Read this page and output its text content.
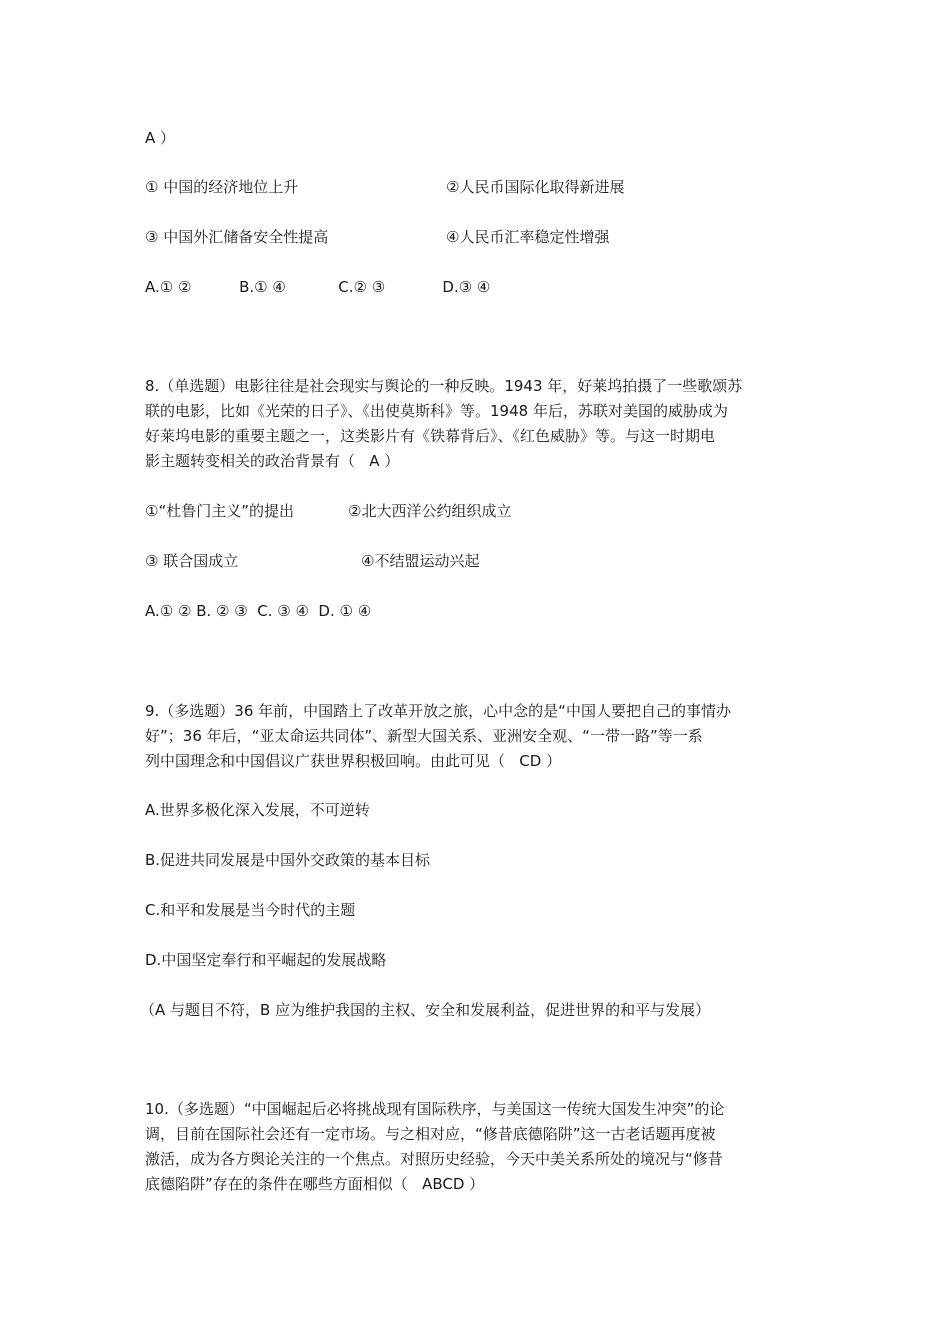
A ）
① 中国的经济地位上升	②人民币国际化取得新进展
③ 中国外汇储备安全性提高	④人民币汇率稳定性增强
A.① ②          B.① ④           C.② ③            D.③ ④
8.（单选题）电影往往是社会现实与舆论的一种反映。1943 年，好莱坞拍摄了一些歌颂苏
联的电影，比如《光荣的日子》、《出使莫斯科》等。1948 年后，苏联对美国的威胁成为
好莱坞电影的重要主题之一，这类影片有《铁幕背后》、《红色威胁》等。与这一时期电
影主题转变相关的政治背景有（   A ）
①“杜鲁门主义”的提出	②北大西洋公约组织成立
③ 联合国成立	④不结盟运动兴起
A.① ② B. ② ③  C. ③ ④  D. ① ④
9.（多选题）36 年前，中国踏上了改革开放之旅，心中念的是“中国人要把自己的事情办
好”；36 年后，“亚太命运共同体”、新型大国关系、亚洲安全观、“一带一路”等一系
列中国理念和中国倡议广获世界积极回响。由此可见（   CD ）
A.世界多极化深入发展，不可逆转
B.促进共同发展是中国外交政策的基本目标
C.和平和发展是当今时代的主题
D.中国坚定奉行和平崛起的发展战略
（A 与题目不符，B 应为维护我国的主权、安全和发展利益，促进世界的和平与发展）
10.（多选题）“中国崛起后必将挑战现有国际秩序，与美国这一传统大国发生冲突”的论
调，目前在国际社会还有一定市场。与之相对应，“修昔底德陷阱”这一古老话题再度被
激活，成为各方舆论关注的一个焦点。对照历史经验，今天中美关系所处的境况与“修昔
底德陷阱”存在的条件在哪些方面相似（   ABCD ）
